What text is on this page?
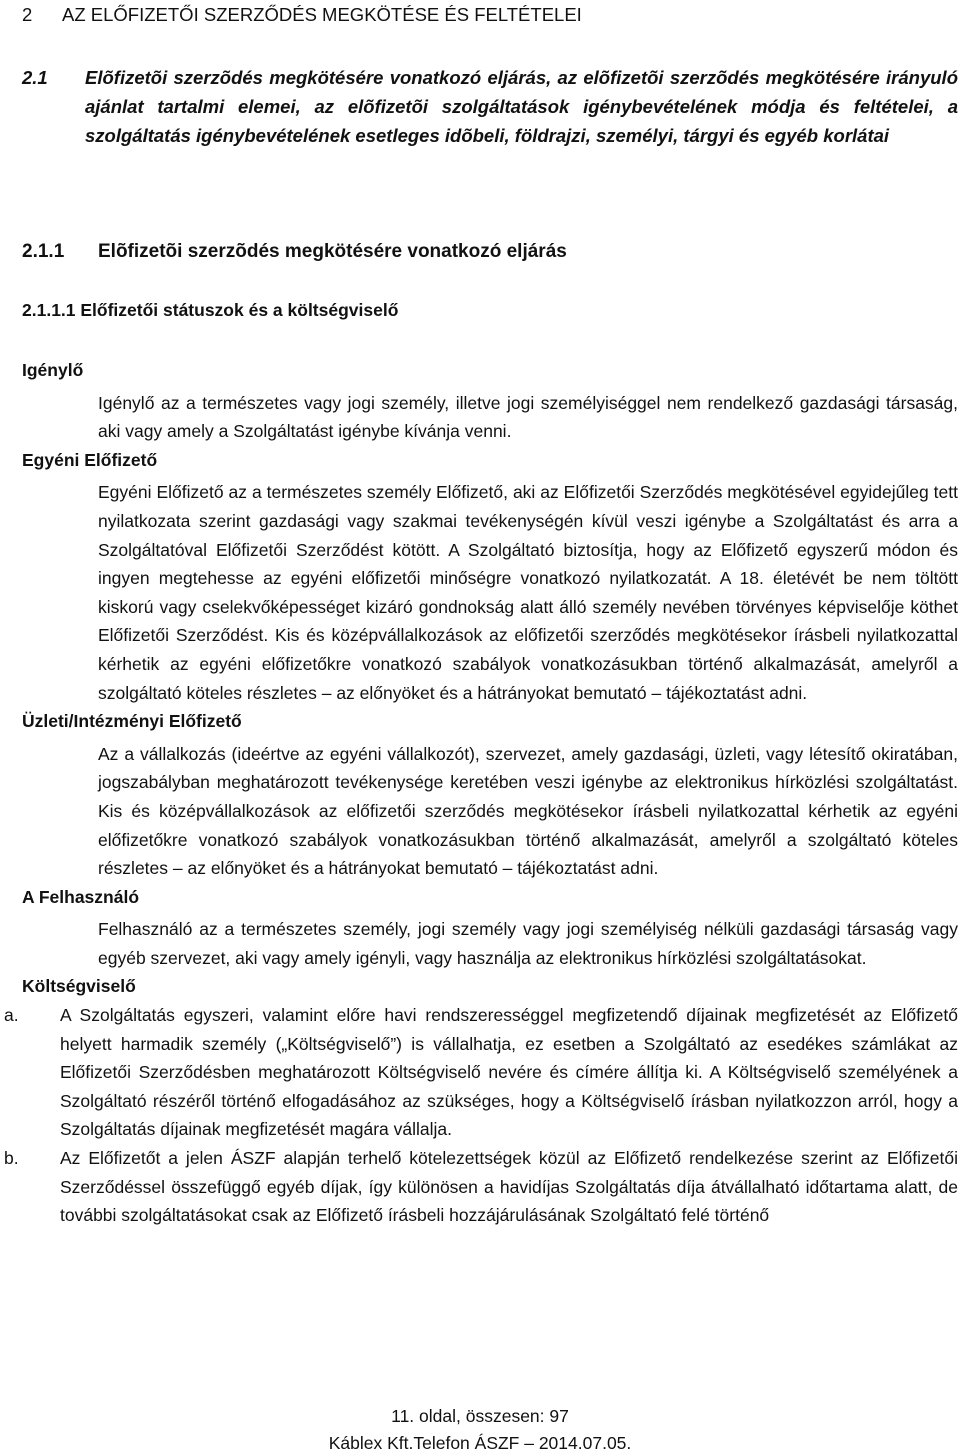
2 AZ ELŐFIZETŐI SZERZŐDÉS MEGKÖTÉSE ÉS FELTÉTELEI
2.1 Elõfizetõi szerzõdés megkötésére vonatkozó eljárás, az elõfizetõi szerzõdés megkötésére irányuló ajánlat tartalmi elemei, az elõfizetõi szolgáltatások igénybevételének módja és feltételei, a szolgáltatás igénybevételének esetleges idõbeli, földrajzi, személyi, tárgyi és egyéb korlátai
2.1.1 Elõfizetõi szerzõdés megkötésére vonatkozó eljárás
2.1.1.1 Előfizetői státuszok és a költségviselő
Igénylő
Igénylő az a természetes vagy jogi személy, illetve jogi személyiséggel nem rendelkező gazdasági társaság, aki vagy amely a Szolgáltatást igénybe kívánja venni.
Egyéni Előfizető
Egyéni Előfizető az a természetes személy Előfizető, aki az Előfizetői Szerződés megkötésével egyidejűleg tett nyilatkozata szerint gazdasági vagy szakmai tevékenységén kívül veszi igénybe a Szolgáltatást és arra a Szolgáltatóval Előfizetői Szerződést kötött. A Szolgáltató biztosítja, hogy az Előfizető egyszerű módon és ingyen megtehesse az egyéni előfizetői minőségre vonatkozó nyilatkozatát. A 18. életévét be nem töltött kiskorú vagy cselekvőképességet kizáró gondnokság alatt álló személy nevében törvényes képviselője köthet Előfizetői Szerződést. Kis és középvállalkozások az előfizetői szerződés megkötésekor írásbeli nyilatkozattal kérhetik az egyéni előfizetőkre vonatkozó szabályok vonatkozásukban történő alkalmazását, amelyről a szolgáltató köteles részletes – az előnyöket és a hátrányokat bemutató – tájékoztatást adni.
Üzleti/Intézményi Előfizető
Az a vállalkozás (ideértve az egyéni vállalkozót), szervezet, amely gazdasági, üzleti, vagy létesítő okiratában, jogszabályban meghatározott tevékenysége keretében veszi igénybe az elektronikus hírközlési szolgáltatást. Kis és középvállalkozások az előfizetői szerződés megkötésekor írásbeli nyilatkozattal kérhetik az egyéni előfizetőkre vonatkozó szabályok vonatkozásukban történő alkalmazását, amelyről a szolgáltató köteles részletes – az előnyöket és a hátrányokat bemutató – tájékoztatást adni.
A Felhasználó
Felhasználó az a természetes személy, jogi személy vagy jogi személyiség nélküli gazdasági társaság vagy egyéb szervezet, aki vagy amely igényli, vagy használja az elektronikus hírközlési szolgáltatásokat.
Költségviselő
a. A Szolgáltatás egyszeri, valamint előre havi rendszerességgel megfizetendő díjainak megfizetését az Előfizető helyett harmadik személy („Költségviselő”) is vállalhatja, ez esetben a Szolgáltató az esedékes számlákat az Előfizetői Szerződésben meghatározott Költségviselő nevére és címére állítja ki. A Költségviselő személyének a Szolgáltató részéről történő elfogadásához az szükséges, hogy a Költségviselő írásban nyilatkozzon arról, hogy a Szolgáltatás díjainak megfizetését magára vállalja.
b. Az Előfizetőt a jelen ÁSZF alapján terhelő kötelezettségek közül az Előfizető rendelkezése szerint az Előfizetői Szerződéssel összefüggő egyéb díjak, így különösen a havidíjas Szolgáltatás díja átvállalható időtartama alatt, de további szolgáltatásokat csak az Előfizető írásbeli hozzájárulásának Szolgáltató felé történő
11. oldal, összesen: 97
Káblex Kft.Telefon ÁSZF – 2014.07.05.
